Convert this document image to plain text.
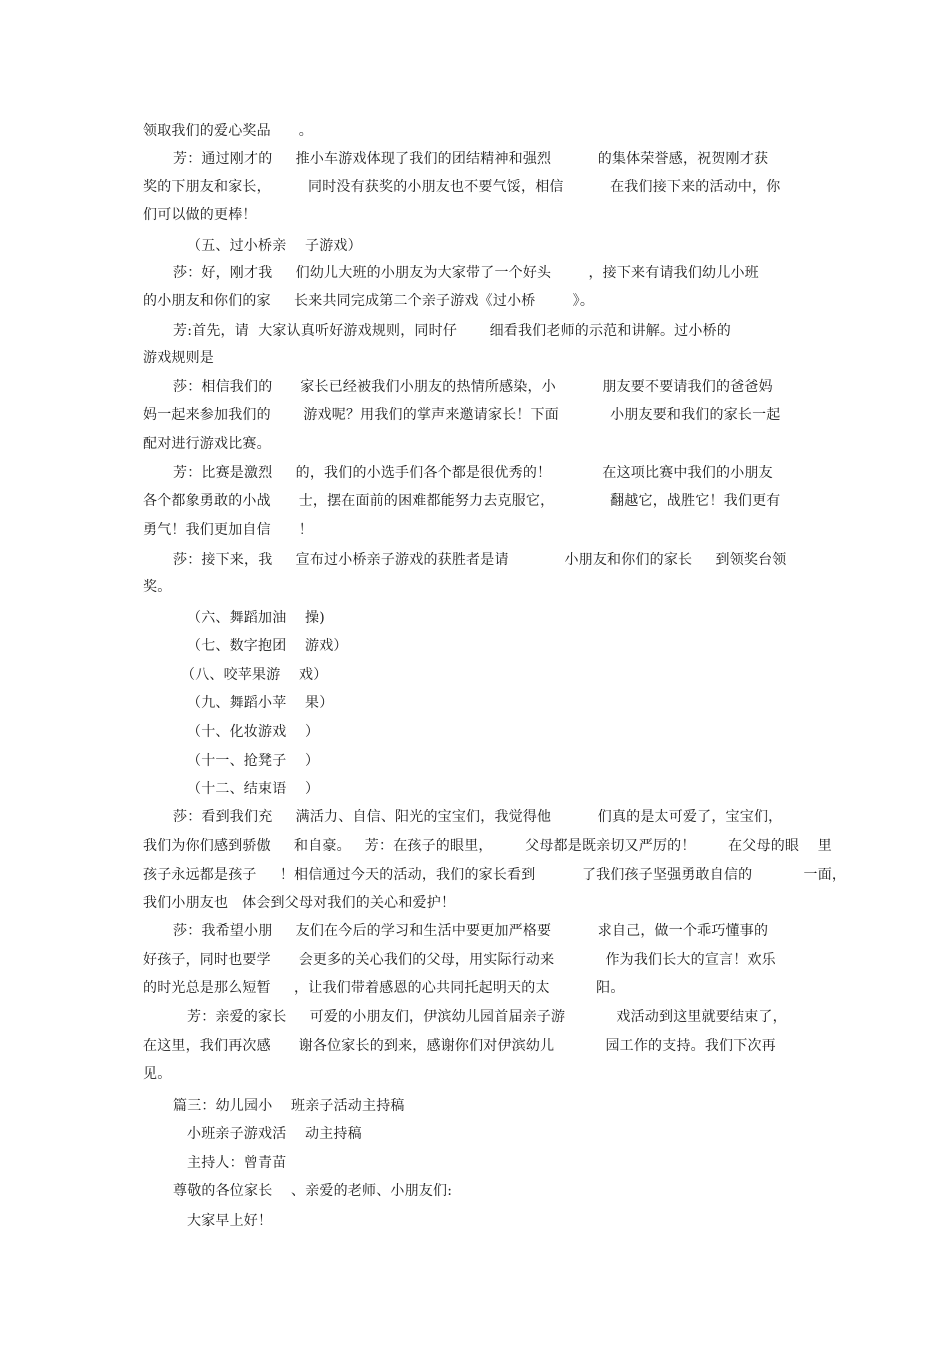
领取我们的爱心奖品      。
芳：通过刚才的     推小车游戏体现了我们的团结精神和强烈          的集体荣誉感，祝贺刚才获
奖的下朋友和家长，        同时没有获奖的小朋友也不要气馁，相信          在我们接下来的活动中，你
们可以做的更棒！
（五、过小桥亲    子游戏）
莎：好，刚才我     们幼儿大班的小朋友为大家带了一个好头        ，接下来有请我们幼儿小班
的小朋友和你们的家     长来共同完成第二个亲子游戏《过小桥        》。
芳:首先，请  大家认真听好游戏规则，同时仔       细看我们老师的示范和讲解。过小桥的
游戏规则是
莎：相信我们的      家长已经被我们小朋友的热情所感染，小          朋友要不要请我们的爸爸妈
妈一起来参加我们的       游戏呢？用我们的掌声来邀请家长！下面           小朋友要和我们的家长一起
配对进行游戏比赛。
芳：比赛是激烈     的，我们的小选手们各个都是很优秀的！           在这项比赛中我们的小朋友
各个都象勇敢的小战      士，摆在面前的困难都能努力去克服它，            翻越它，战胜它！我们更有
勇气！我们更加自信      ！
莎：接下来，我     宣布过小桥亲子游戏的获胜者是请            小朋友和你们的家长     到领奖台领
奖。
（六、舞蹈加油    操)
（七、数字抱团    游戏）
（八、咬苹果游    戏）
（九、舞蹈小苹    果）
（十、化妆游戏    ）
（十一、抢凳子    ）
（十二、结束语    ）
莎：看到我们充     满活力、自信、阳光的宝宝们，我觉得他          们真的是太可爱了，宝宝们，
我们为你们感到骄傲     和自豪。   芳：在孩子的眼里，       父母都是既亲切又严厉的！       在父母的眼    里
孩子永远都是孩子     ！相信通过今天的活动，我们的家长看到          了我们孩子坚强勇敢自信的           一面，
我们小朋友也   体会到父母对我们的关心和爱护！
莎：我希望小朋     友们在今后的学习和生活中要更加严格要          求自己，做一个乖巧懂事的
好孩子，同时也要学      会更多的关心我们的父母，用实际行动来           作为我们长大的宣言！欢乐
的时光总是那么短暂     ，让我们带着感恩的心共同托起明天的太          阳。
芳：亲爱的家长     可爱的小朋友们，伊滨幼儿园首届亲子游           戏活动到这里就要结束了，
在这里，我们再次感      谢各位家长的到来，感谢你们对伊滨幼儿           园工作的支持。我们下次再
见。
篇三：幼儿园小    班亲子活动主持稿
小班亲子游戏活    动主持稿
主持人：曾青苗
尊敬的各位家长    、亲爱的老师、小朋友们:
大家早上好！
